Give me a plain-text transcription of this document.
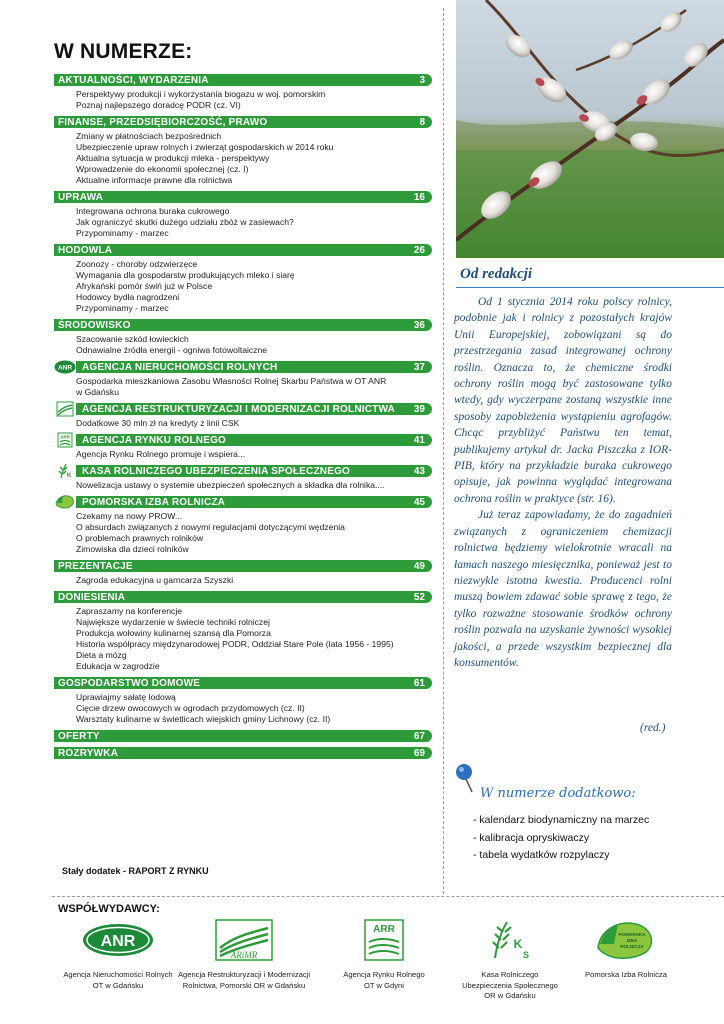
W NUMERZE:
AKTUALNOŚCI, WYDARZENIA	3
Perspektywy produkcji i wykorzystania biogazu w woj. pomorskim
Poznaj najlepszego doradcę PODR (cz. VI)
FINANSE, PRZEDSIĘBIORCZOŚĆ, PRAWO	8
Zmiany w płatnościach bezpośrednich
Ubezpieczenie upraw rolnych i zwierząt gospodarskich w 2014 roku
Aktualna sytuacja w produkcji mleka - perspektywy
Wprowadzenie do ekonomii społecznej (cz. I)
Aktualne informacje prawne dla rolnictwa
UPRAWA	16
Integrowana ochrona buraka cukrowego
Jak ograniczyć skutki dużego udziału zbóż w zasiewach?
Przypominamy - marzec
HODOWLA	26
Zoonozy - choroby odzwierzęce
Wymagania dla gospodarstw produkujących mleko i siarę
Afrykański pomór świń już w Polsce
Hodowcy bydła nagrodzeni
Przypominamy - marzec
ŚRODOWISKO	36
Szacowanie szkód łowieckich
Odnawialne źródła energii - ogniwa fotowoltaiczne
ANR AGENCJA NIERUCHOMOŚCI ROLNYCH	37
Gospodarka mieszkaniowa Zasobu Własności Rolnej Skarbu Państwa w OT ANR
w Gdańsku
AGENCJA RESTRUKTURYZACJI I MODERNIZACJI ROLNICTWA 39
Dodatkowe 30 mln zł na kredyty z linii CSK
ARR	AGENCJA RYNKU ROLNEGO	41
Agencja Rynku Rolnego promuje i wspiera...
K	KASA ROLNICZEGO UBEZPIECZENIA SPOŁECZNEGO	43
Nowelizacja ustawy o systemie ubezpieczeń społecznych a składka dla rolnika....
POMORSKA IZBA ROLNICZA	45
Czekamy na nowy PROW...
O absurdach związanych z nowymi regulacjami dotyczącymi wędzenia
O problemach prawnych rolników
Zimowiska dla dzieci rolników
PREZENTACJE	49
Zagroda edukacyjna u garncarza Szyszki
DONIESIENIA	52
Zapraszamy na konferencje
Największe wydarzenie w świecie techniki rolniczej
Produkcja wołowiny kulinarnej szansą dla Pomorza
Historia współpracy międzynarodowej PODR, Oddział Stare Pole (lata 1956 - 1995)
Dieta a mózg
Edukacja w zagrodzie
GOSPODARSTWO DOMOWE	61
Uprawiajmy sałatę lodową
Cięcie drzew owocowych w ogrodach przydomowych (cz. II)
Warsztaty kulinarne w świetlicach wiejskich gminy Lichnowy (cz. II)
OFERTY	67
ROZRYWKA	69
Stały dodatek - RAPORT Z RYNKU
Od redakcji

Od 1 stycznia 2014 roku polscy rolnicy, podobnie jak i rolnicy z pozostałych krajów Unii Europejskiej, zobowiązani są do przestrzegania zasad integrowanej ochrony roślin. Oznacza to, że chemiczne środki ochrony roślin mogą być zastosowane tylko wtedy, gdy wyczerpane zostaną wszystkie inne sposoby zapobieżenia wystąpieniu agrofagów. Chcąc przybliżyć Państwu ten temat, publikujemy artykuł dr. Jacka Piszczka z IOR-PIB, który na przykładzie buraka cukrowego opisuje, jak powinna wyglądać integrowana ochrona roślin w praktyce (str. 16).

Już teraz zapowiadamy, że do zagadnień związanych z ograniczeniem chemizacji rolnictwa będziemy wielokrotnie wracali na łamach naszego miesięcznika, ponieważ jest to niezwykle istotna kwestia. Producenci rolni muszą bowiem zdawać sobie sprawę z tego, że tylko rozważne stosowanie środków ochrony roślin pozwala na uzyskanie żywności wysokiej jakości, a przede wszystkim bezpiecznej dla konsumentów.

(red.)
W numerze dodatkowo:
- kalendarz biodynamiczny na marzec
- kalibracja opryskiwaczy
- tabela wydatków rozpylaczy
WSPÓŁWYDAWCY:
ANR
Agencja Nieruchomości Rolnych
OT w Gdańsku
ARiMR
Agencja Restrukturyzacji i Modernizacji
Rolnictwa, Pomorski OR w Gdańsku
ARR
Agencja Rynku Rolnego
OT w Gdyni
K
S
Kasa Rolniczego
Ubezpieczenia Społecznego
OR w Gdańsku
POMORSKA
IZBA
ROLNICZA
Pomorska Izba Rolnicza
